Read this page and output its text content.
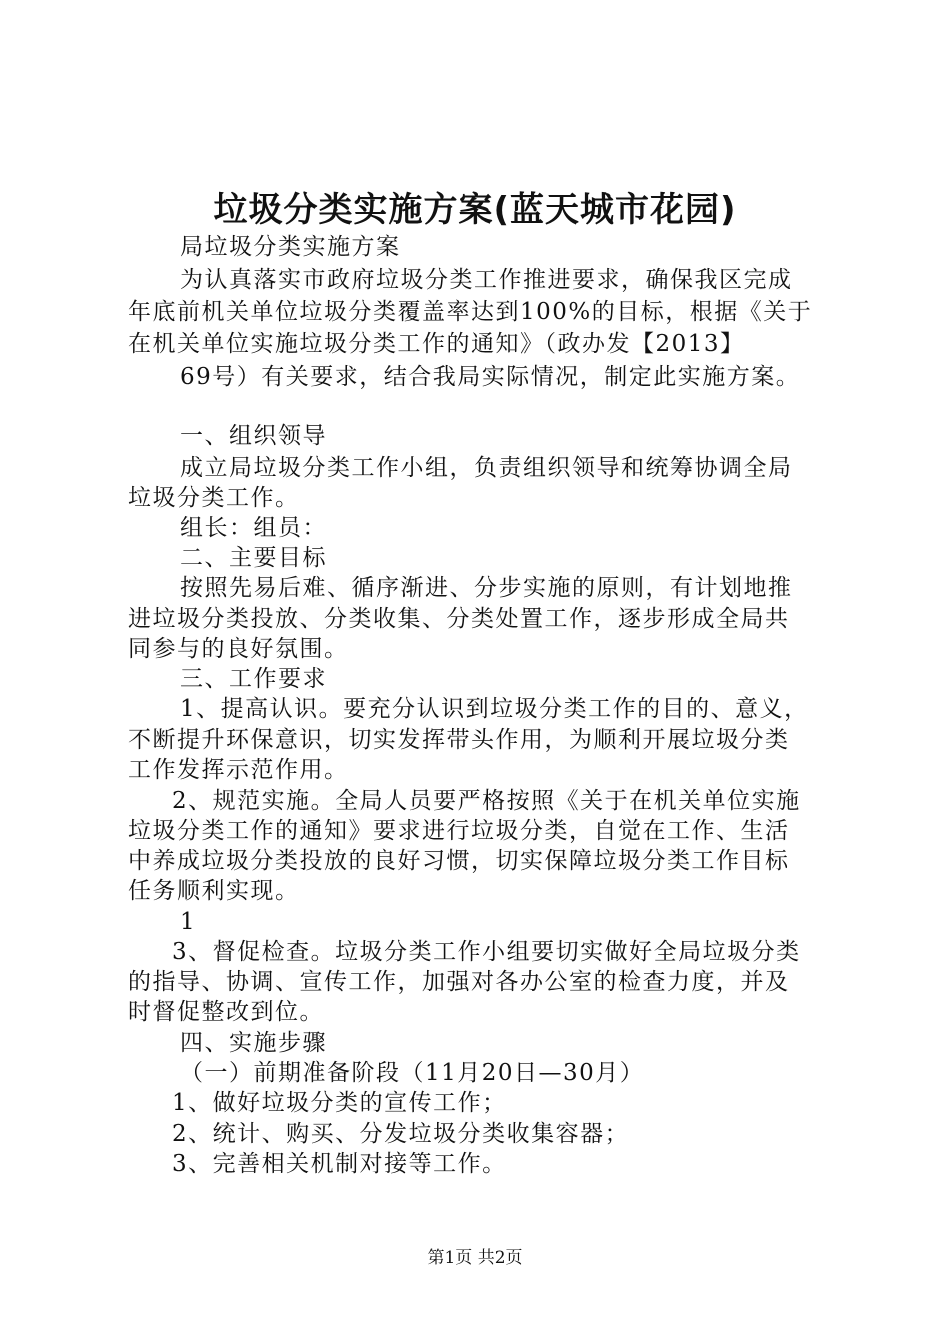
垃圾分类实施方案(蓝天城市花园)
局垃圾分类实施方案
为认真落实市政府垃圾分类工作推进要求，确保我区完成
年底前机关单位垃圾分类覆盖率达到100%的目标，根据《关于
在机关单位实施垃圾分类工作的通知》（政办发【2013】
69号）有关要求，结合我局实际情况，制定此实施方案。
一、组织领导
成立局垃圾分类工作小组，负责组织领导和统筹协调全局
垃圾分类工作。
组长：组员：
二、主要目标
按照先易后难、循序渐进、分步实施的原则，有计划地推
进垃圾分类投放、分类收集、分类处置工作，逐步形成全局共
同参与的良好氛围。
三、工作要求
1、提高认识。要充分认识到垃圾分类工作的目的、意义，
不断提升环保意识，切实发挥带头作用，为顺利开展垃圾分类
工作发挥示范作用。
2、规范实施。全局人员要严格按照《关于在机关单位实施
垃圾分类工作的通知》要求进行垃圾分类，自觉在工作、生活
中养成垃圾分类投放的良好习惯，切实保障垃圾分类工作目标
任务顺利实现。
1
3、督促检查。垃圾分类工作小组要切实做好全局垃圾分类
的指导、协调、宣传工作，加强对各办公室的检查力度，并及
时督促整改到位。
四、实施步骤
（一）前期准备阶段（11月20日—30月）
1、做好垃圾分类的宣传工作；
2、统计、购买、分发垃圾分类收集容器；
3、完善相关机制对接等工作。
第1页 共2页
